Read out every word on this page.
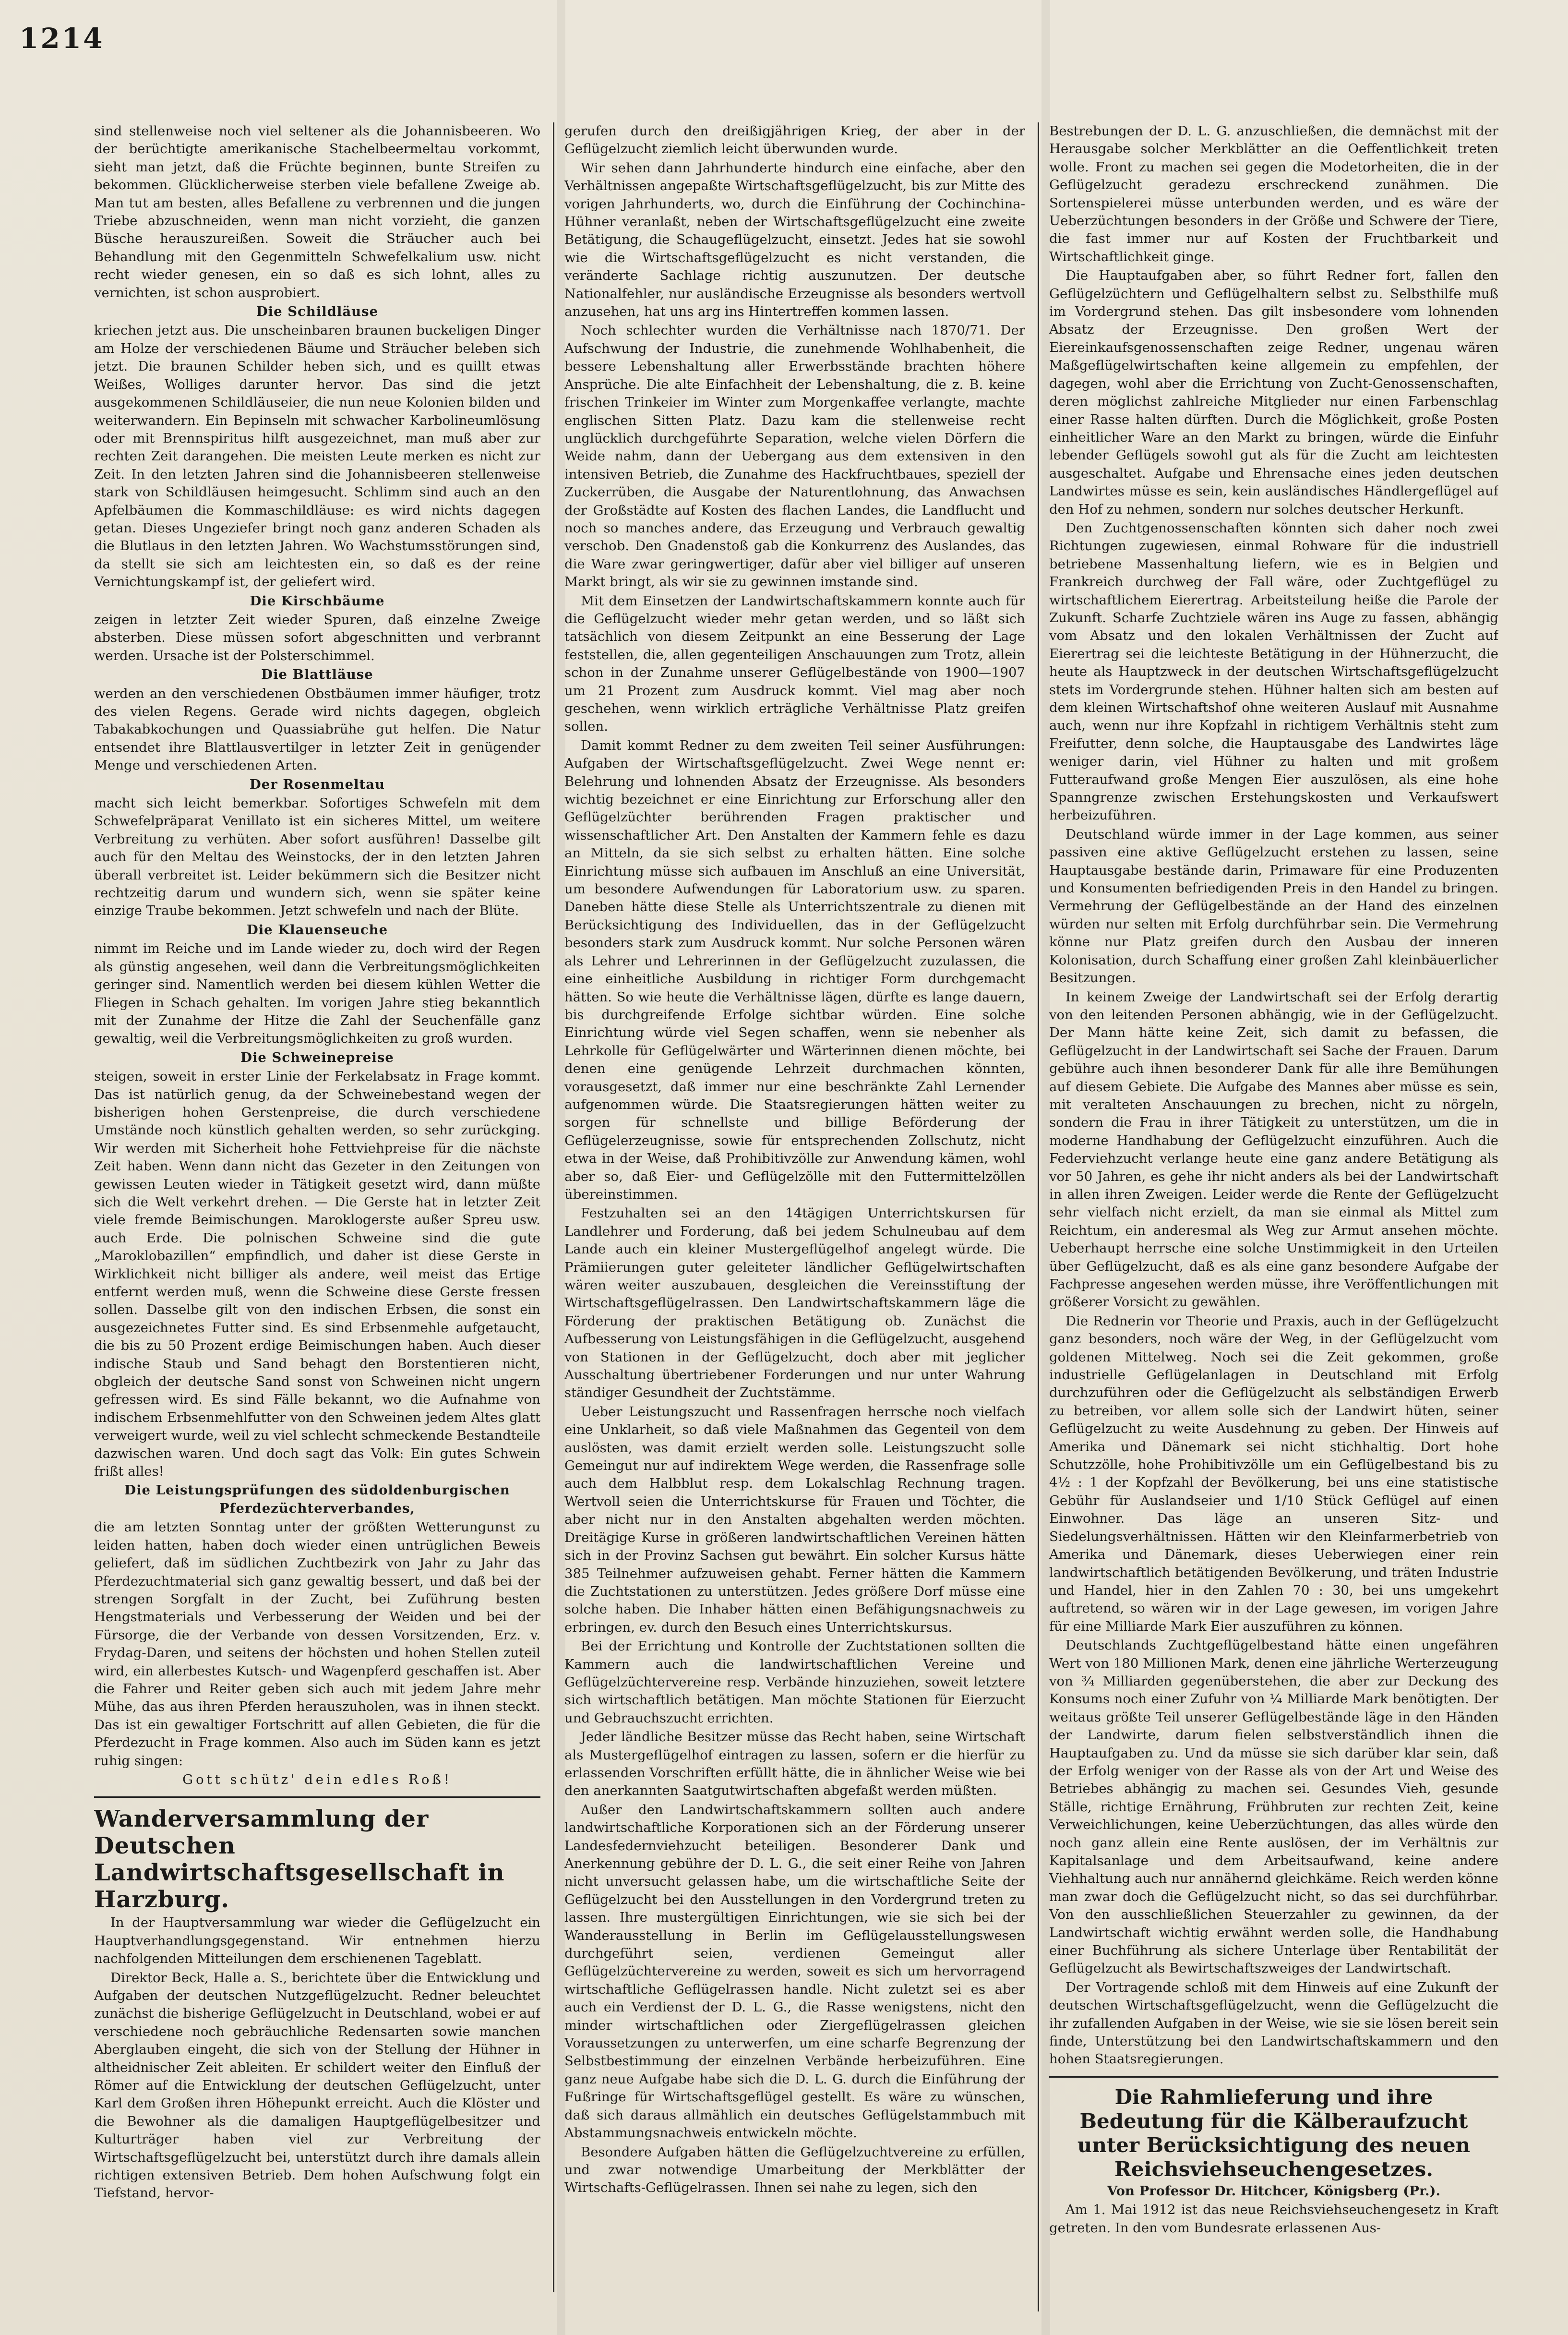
1214

sind stellenweise noch viel seltener als die Johannisbeeren. Wo der berüchtigte amerikanische Stachelbeermeltau vorkommt, sieht man jetzt, daß die Früchte beginnen, bunte Streifen zu bekommen. Glücklicherweise sterben viele befallene Zweige ab. Man tut am besten, alles Befallene zu verbrennen und die jungen Triebe abzuschneiden, wenn man nicht vorzieht, die ganzen Büsche herauszureißen. Soweit die Sträucher auch bei Behandlung mit den Gegenmitteln Schwefelkalium usw. nicht recht wieder genesen, ein so daß es sich lohnt, alles zu vernichten, ist schon ausprobiert.

Die Schildläuse

kriechen jetzt aus. Die unscheinbaren braunen buckeligen Dinger am Holze der verschiedenen Bäume und Sträucher beleben sich jetzt. Die braunen Schilder heben sich, und es quillt etwas Weißes, Wolliges darunter hervor. Das sind die jetzt ausgekommenen Schildläuseier, die nun neue Kolonien bilden und weiterwandern. Ein Bepinseln mit schwacher Karbolineumlösung oder mit Brennspiritus hilft ausgezeichnet, man muß aber zur rechten Zeit darangehen. Die meisten Leute merken es nicht zur Zeit. In den letzten Jahren sind die Johannisbeeren stellenweise stark von Schildläusen heimgesucht. Schlimm sind auch an den Apfelbäumen die Kommaschildläuse: es wird nichts dagegen getan. Dieses Ungeziefer bringt noch ganz anderen Schaden als die Blutlaus in den letzten Jahren. Wo Wachstumsstörungen sind, da stellt sie sich am leichtesten ein, so daß es der reine Vernichtungskampf ist, der geliefert wird.

Die Kirschbäume

zeigen in letzter Zeit wieder Spuren, daß einzelne Zweige absterben. Diese müssen sofort abgeschnitten und verbrannt werden. Ursache ist der Polsterschimmel.

Die Blattläuse

werden an den verschiedenen Obstbäumen immer häufiger, trotz des vielen Regens. Gerade wird nichts dagegen, obgleich Tabakabkochungen und Quassiabrühe gut helfen. Die Natur entsendet ihre Blattlausvertilger in letzter Zeit in genügender Menge und verschiedenen Arten.

Der Rosenmeltau

macht sich leicht bemerkbar. Sofortiges Schwefeln mit dem Schwefelpräparat Venillato ist ein sicheres Mittel, um weitere Verbreitung zu verhüten. Aber sofort ausführen! Dasselbe gilt auch für den Meltau des Weinstocks, der in den letzten Jahren überall verbreitet ist. Leider bekümmern sich die Besitzer nicht rechtzeitig darum und wundern sich, wenn sie später keine einzige Traube bekommen. Jetzt schwefeln und nach der Blüte.

Die Klauenseuche

nimmt im Reiche und im Lande wieder zu, doch wird der Regen als günstig angesehen, weil dann die Verbreitungsmöglichkeiten geringer sind. Namentlich werden bei diesem kühlen Wetter die Fliegen in Schach gehalten. Im vorigen Jahre stieg bekanntlich mit der Zunahme der Hitze die Zahl der Seuchenfälle ganz gewaltig, weil die Verbreitungsmöglichkeiten zu groß wurden.

Die Schweinepreise

steigen, soweit in erster Linie der Ferkelabsatz in Frage kommt. Das ist natürlich genug, da der Schweinebestand wegen der bisherigen hohen Gerstenpreise, die durch verschiedene Umstände noch künstlich gehalten werden, so sehr zurückging. Wir werden mit Sicherheit hohe Fettviehpreise für die nächste Zeit haben. Wenn dann nicht das Gezeter in den Zeitungen von gewissen Leuten wieder in Tätigkeit gesetzt wird, dann müßte sich die Welt verkehrt drehen. — Die Gerste hat in letzter Zeit viele fremde Beimischungen. Maroklogerste außer Spreu usw. auch Erde. Die polnischen Schweine sind die gute „Maroklobazillen“ empfindlich, und daher ist diese Gerste in Wirklichkeit nicht billiger als andere, weil meist das Ertige entfernt werden muß, wenn die Schweine diese Gerste fressen sollen. Dasselbe gilt von den indischen Erbsen, die sonst ein ausgezeichnetes Futter sind. Es sind Erbsenmehle aufgetaucht, die bis zu 50 Prozent erdige Beimischungen haben. Auch dieser indische Staub und Sand behagt den Borstentieren nicht, obgleich der deutsche Sand sonst von Schweinen nicht ungern gefressen wird. Es sind Fälle bekannt, wo die Aufnahme von indischem Erbsenmehlfutter von den Schweinen jedem Altes glatt verweigert wurde, weil zu viel schlecht schmeckende Bestandteile dazwischen waren. Und doch sagt das Volk: Ein gutes Schwein frißt alles!

Die Leistungsprüfungen des südoldenburgischen Pferdezüchterverbandes,

die am letzten Sonntag unter der größten Wetterungunst zu leiden hatten, haben doch wieder einen untrüglichen Beweis geliefert, daß im südlichen Zuchtbezirk von Jahr zu Jahr das Pferdezuchtmaterial sich ganz gewaltig bessert, und daß bei der strengen Sorgfalt in der Zucht, bei Zuführung besten Hengstmaterials und Verbesserung der Weiden und bei der Fürsorge, die der Verbande von dessen Vorsitzenden, Erz. v. Frydag-Daren, und seitens der höchsten und hohen Stellen zuteil wird, ein allerbestes Kutsch- und Wagenpferd geschaffen ist. Aber die Fahrer und Reiter geben sich auch mit jedem Jahre mehr Mühe, das aus ihren Pferden herauszuholen, was in ihnen steckt. Das ist ein gewaltiger Fortschritt auf allen Gebieten, die für die Pferdezucht in Frage kommen. Also auch im Süden kann es jetzt ruhig singen:

Gott schütz' dein edles Roß!

Wanderversammlung der Deutschen Landwirtschaftsgesellschaft in Harzburg.

In der Hauptversammlung war wieder die Geflügelzucht ein Hauptverhandlungsgegenstand. Wir entnehmen hierzu nachfolgenden Mitteilungen dem erschienenen Tageblatt.

Direktor Beck, Halle a. S., berichtete über die Entwicklung und Aufgaben der deutschen Nutzgeflügelzucht. Redner beleuchtet zunächst die bisherige Geflügelzucht in Deutschland, wobei er auf verschiedene noch gebräuchliche Redensarten sowie manchen Aberglauben eingeht, die sich von der Stellung der Hühner in altheidnischer Zeit ableiten. Er schildert weiter den Einfluß der Römer auf die Entwicklung der deutschen Geflügelzucht, unter Karl dem Großen ihren Höhepunkt erreicht. Auch die Klöster und die Bewohner als die damaligen Hauptgeflügelbesitzer und Kulturträger haben viel zur Verbreitung der Wirtschaftsgeflügelzucht bei, unterstützt durch ihre damals allein richtigen extensiven Betrieb. Dem hohen Aufschwung folgt ein Tiefstand, hervor-

gerufen durch den dreißigjährigen Krieg, der aber in der Geflügelzucht ziemlich leicht überwunden wurde.

Wir sehen dann Jahrhunderte hindurch eine einfache, aber den Verhältnissen angepaßte Wirtschaftsgeflügelzucht, bis zur Mitte des vorigen Jahrhunderts, wo, durch die Einführung der Cochinchina-Hühner veranlaßt, neben der Wirtschaftsgeflügelzucht eine zweite Betätigung, die Schaugeflügelzucht, einsetzt. Jedes hat sie sowohl wie die Wirtschaftsgeflügelzucht es nicht verstanden, die veränderte Sachlage richtig auszunutzen. Der deutsche Nationalfehler, nur ausländische Erzeugnisse als besonders wertvoll anzusehen, hat uns arg ins Hintertreffen kommen lassen.

Noch schlechter wurden die Verhältnisse nach 1870/71. Der Aufschwung der Industrie, die zunehmende Wohlhabenheit, die bessere Lebenshaltung aller Erwerbsstände brachten höhere Ansprüche. Die alte Einfachheit der Lebenshaltung, die z. B. keine frischen Trinkeier im Winter zum Morgenkaffee verlangte, machte englischen Sitten Platz. Dazu kam die stellenweise recht unglücklich durchgeführte Separation, welche vielen Dörfern die Weide nahm, dann der Uebergang aus dem extensiven in den intensiven Betrieb, die Zunahme des Hackfruchtbaues, speziell der Zuckerrüben, die Ausgabe der Naturentlohnung, das Anwachsen der Großstädte auf Kosten des flachen Landes, die Landflucht und noch so manches andere, das Erzeugung und Verbrauch gewaltig verschob. Den Gnadenstoß gab die Konkurrenz des Auslandes, das die Ware zwar geringwertiger, dafür aber viel billiger auf unseren Markt bringt, als wir sie zu gewinnen imstande sind.

Mit dem Einsetzen der Landwirtschaftskammern konnte auch für die Geflügelzucht wieder mehr getan werden, und so läßt sich tatsächlich von diesem Zeitpunkt an eine Besserung der Lage feststellen, die, allen gegenteiligen Anschauungen zum Trotz, allein schon in der Zunahme unserer Geflügelbestände von 1900—1907 um 21 Prozent zum Ausdruck kommt. Viel mag aber noch geschehen, wenn wirklich erträgliche Verhältnisse Platz greifen sollen.

Damit kommt Redner zu dem zweiten Teil seiner Ausführungen: Aufgaben der Wirtschaftsgeflügelzucht. Zwei Wege nennt er: Belehrung und lohnenden Absatz der Erzeugnisse. Als besonders wichtig bezeichnet er eine Einrichtung zur Erforschung aller den Geflügelzüchter berührenden Fragen praktischer und wissenschaftlicher Art. Den Anstalten der Kammern fehle es dazu an Mitteln, da sie sich selbst zu erhalten hätten. Eine solche Einrichtung müsse sich aufbauen im Anschluß an eine Universität, um besondere Aufwendungen für Laboratorium usw. zu sparen. Daneben hätte diese Stelle als Unterrichtszentrale zu dienen mit Berücksichtigung des Individuellen, das in der Geflügelzucht besonders stark zum Ausdruck kommt. Nur solche Personen wären als Lehrer und Lehrerinnen in der Geflügelzucht zuzulassen, die eine einheitliche Ausbildung in richtiger Form durchgemacht hätten. So wie heute die Verhältnisse lägen, dürfte es lange dauern, bis durchgreifende Erfolge sichtbar würden. Eine solche Einrichtung würde viel Segen schaffen, wenn sie nebenher als Lehrkolle für Geflügelwärter und Wärterinnen dienen möchte, bei denen eine genügende Lehrzeit durchmachen könnten, vorausgesetzt, daß immer nur eine beschränkte Zahl Lernender aufgenommen würde. Die Staatsregierungen hätten weiter zu sorgen für schnellste und billige Beförderung der Geflügelerzeugnisse, sowie für entsprechenden Zollschutz, nicht etwa in der Weise, daß Prohibitivzölle zur Anwendung kämen, wohl aber so, daß Eier- und Geflügelzölle mit den Futtermittelzöllen übereinstimmen.

Festzuhalten sei an den 14tägigen Unterrichtskursen für Landlehrer und Forderung, daß bei jedem Schulneubau auf dem Lande auch ein kleiner Mustergeflügelhof angelegt würde. Die Prämiierungen guter geleiteter ländlicher Geflügelwirtschaften wären weiter auszubauen, desgleichen die Vereinsstiftung der Wirtschaftsgeflügelrassen. Den Landwirtschaftskammern läge die Förderung der praktischen Betätigung ob. Zunächst die Aufbesserung von Leistungsfähigen in die Geflügelzucht, ausgehend von Stationen in der Geflügelzucht, doch aber mit jeglicher Ausschaltung übertriebener Forderungen und nur unter Wahrung ständiger Gesundheit der Zuchtstämme.

Ueber Leistungszucht und Rassenfragen herrsche noch vielfach eine Unklarheit, so daß viele Maßnahmen das Gegenteil von dem auslösten, was damit erzielt werden solle. Leistungszucht solle Gemeingut nur auf indirektem Wege werden, die Rassenfrage solle auch dem Halbblut resp. dem Lokalschlag Rechnung tragen. Wertvoll seien die Unterrichtskurse für Frauen und Töchter, die aber nicht nur in den Anstalten abgehalten werden möchten. Dreitägige Kurse in größeren landwirtschaftlichen Vereinen hätten sich in der Provinz Sachsen gut bewährt. Ein solcher Kursus hätte 385 Teilnehmer aufzuweisen gehabt. Ferner hätten die Kammern die Zuchtstationen zu unterstützen. Jedes größere Dorf müsse eine solche haben. Die Inhaber hätten einen Befähigungsnachweis zu erbringen, ev. durch den Besuch eines Unterrichtskursus.

Bei der Errichtung und Kontrolle der Zuchtstationen sollten die Kammern auch die landwirtschaftlichen Vereine und Geflügelzüchtervereine resp. Verbände hinzuziehen, soweit letztere sich wirtschaftlich betätigen. Man möchte Stationen für Eierzucht und Gebrauchszucht errichten.

Jeder ländliche Besitzer müsse das Recht haben, seine Wirtschaft als Mustergeflügelhof eintragen zu lassen, sofern er die hierfür zu erlassenden Vorschriften erfüllt hätte, die in ähnlicher Weise wie bei den anerkannten Saatgutwirtschaften abgefaßt werden müßten.

Außer den Landwirtschaftskammern sollten auch andere landwirtschaftliche Korporationen sich an der Förderung unserer Landesfedernviehzucht beteiligen. Besonderer Dank und Anerkennung gebühre der D. L. G., die seit einer Reihe von Jahren nicht unversucht gelassen habe, um die wirtschaftliche Seite der Geflügelzucht bei den Ausstellungen in den Vordergrund treten zu lassen. Ihre mustergültigen Einrichtungen, wie sie sich bei der Wanderausstellung in Berlin im Geflügelausstellungswesen durchgeführt seien, verdienen Gemeingut aller Geflügelzüchtervereine zu werden, soweit es sich um hervorragend wirtschaftliche Geflügelrassen handle. Nicht zuletzt sei es aber auch ein Verdienst der D. L. G., die Rasse wenigstens, nicht den minder wirtschaftlichen oder Ziergeflügelrassen gleichen Voraussetzungen zu unterwerfen, um eine scharfe Begrenzung der Selbstbestimmung der einzelnen Verbände herbeizuführen. Eine ganz neue Aufgabe habe sich die D. L. G. durch die Einführung der Fußringe für Wirtschaftsgeflügel gestellt. Es wäre zu wünschen, daß sich daraus allmählich ein deutsches Geflügelstammbuch mit Abstammungsnachweis entwickeln möchte.

Besondere Aufgaben hätten die Geflügelzuchtvereine zu erfüllen, und zwar notwendige Umarbeitung der Merkblätter der Wirtschafts-Geflügelrassen. Ihnen sei nahe zu legen, sich den

Bestrebungen der D. L. G. anzuschließen, die demnächst mit der Herausgabe solcher Merkblätter an die Oeffentlichkeit treten wolle. Front zu machen sei gegen die Modetorheiten, die in der Geflügelzucht geradezu erschreckend zunähmen. Die Sortenspielerei müsse unterbunden werden, und es wäre der Ueberzüchtungen besonders in der Größe und Schwere der Tiere, die fast immer nur auf Kosten der Fruchtbarkeit und Wirtschaftlichkeit ginge.

Die Hauptaufgaben aber, so führt Redner fort, fallen den Geflügelzüchtern und Geflügelhaltern selbst zu. Selbsthilfe muß im Vordergrund stehen. Das gilt insbesondere vom lohnenden Absatz der Erzeugnisse. Den großen Wert der Eiereinkaufsgenossenschaften zeige Redner, ungenau wären Maßgeflügelwirtschaften keine allgemein zu empfehlen, der dagegen, wohl aber die Errichtung von Zucht-Genossenschaften, deren möglichst zahlreiche Mitglieder nur einen Farbenschlag einer Rasse halten dürften. Durch die Möglichkeit, große Posten einheitlicher Ware an den Markt zu bringen, würde die Einfuhr lebender Geflügels sowohl gut als für die Zucht am leichtesten ausgeschaltet. Aufgabe und Ehrensache eines jeden deutschen Landwirtes müsse es sein, kein ausländisches Händlergeflügel auf den Hof zu nehmen, sondern nur solches deutscher Herkunft.

Den Zuchtgenossenschaften könnten sich daher noch zwei Richtungen zugewiesen, einmal Rohware für die industriell betriebene Massenhaltung liefern, wie es in Belgien und Frankreich durchweg der Fall wäre, oder Zuchtgeflügel zu wirtschaftlichem Eierertrag. Arbeitsteilung heiße die Parole der Zukunft. Scharfe Zuchtziele wären ins Auge zu fassen, abhängig vom Absatz und den lokalen Verhältnissen der Zucht auf Eierertrag sei die leichteste Betätigung in der Hühnerzucht, die heute als Hauptzweck in der deutschen Wirtschaftsgeflügelzucht stets im Vordergrunde stehen. Hühner halten sich am besten auf dem kleinen Wirtschaftshof ohne weiteren Auslauf mit Ausnahme auch, wenn nur ihre Kopfzahl in richtigem Verhältnis steht zum Freifutter, denn solche, die Hauptausgabe des Landwirtes läge weniger darin, viel Hühner zu halten und mit großem Futteraufwand große Mengen Eier auszulösen, als eine hohe Spanngrenze zwischen Erstehungskosten und Verkaufswert herbeizuführen.

Deutschland würde immer in der Lage kommen, aus seiner passiven eine aktive Geflügelzucht erstehen zu lassen, seine Hauptausgabe bestände darin, Primaware für eine Produzenten und Konsumenten befriedigenden Preis in den Handel zu bringen. Vermehrung der Geflügelbestände an der Hand des einzelnen würden nur selten mit Erfolg durchführbar sein. Die Vermehrung könne nur Platz greifen durch den Ausbau der inneren Kolonisation, durch Schaffung einer großen Zahl kleinbäuerlicher Besitzungen.

In keinem Zweige der Landwirtschaft sei der Erfolg derartig von den leitenden Personen abhängig, wie in der Geflügelzucht. Der Mann hätte keine Zeit, sich damit zu befassen, die Geflügelzucht in der Landwirtschaft sei Sache der Frauen. Darum gebühre auch ihnen besonderer Dank für alle ihre Bemühungen auf diesem Gebiete. Die Aufgabe des Mannes aber müsse es sein, mit veralteten Anschauungen zu brechen, nicht zu nörgeln, sondern die Frau in ihrer Tätigkeit zu unterstützen, um die in moderne Handhabung der Geflügelzucht einzuführen. Auch die Federviehzucht verlange heute eine ganz andere Betätigung als vor 50 Jahren, es gehe ihr nicht anders als bei der Landwirtschaft in allen ihren Zweigen. Leider werde die Rente der Geflügelzucht sehr vielfach nicht erzielt, da man sie einmal als Mittel zum Reichtum, ein anderesmal als Weg zur Armut ansehen möchte. Ueberhaupt herrsche eine solche Unstimmigkeit in den Urteilen über Geflügelzucht, daß es als eine ganz besondere Aufgabe der Fachpresse angesehen werden müsse, ihre Veröffentlichungen mit größerer Vorsicht zu gewählen.

Die Rednerin vor Theorie und Praxis, auch in der Geflügelzucht ganz besonders, noch wäre der Weg, in der Geflügelzucht vom goldenen Mittelweg. Noch sei die Zeit gekommen, große industrielle Geflügelanlagen in Deutschland mit Erfolg durchzuführen oder die Geflügelzucht als selbständigen Erwerb zu betreiben, vor allem solle sich der Landwirt hüten, seiner Geflügelzucht zu weite Ausdehnung zu geben. Der Hinweis auf Amerika und Dänemark sei nicht stichhaltig. Dort hohe Schutzzölle, hohe Prohibitivzölle um ein Geflügelbestand bis zu 4½ : 1 der Kopfzahl der Bevölkerung, bei uns eine statistische Gebühr für Auslandseier und 1/10 Stück Geflügel auf einen Einwohner. Das läge an unseren Sitz- und Siedelungsverhältnissen. Hätten wir den Kleinfarmerbetrieb von Amerika und Dänemark, dieses Ueberwiegen einer rein landwirtschaftlich betätigenden Bevölkerung, und träten Industrie und Handel, hier in den Zahlen 70 : 30, bei uns umgekehrt auftretend, so wären wir in der Lage gewesen, im vorigen Jahre für eine Milliarde Mark Eier auszuführen zu können.

Deutschlands Zuchtgeflügelbestand hätte einen ungefähren Wert von 180 Millionen Mark, denen eine jährliche Werterzeugung von ¾ Milliarden gegenüberstehen, die aber zur Deckung des Konsums noch einer Zufuhr von ¼ Milliarde Mark benötigten. Der weitaus größte Teil unserer Geflügelbestände läge in den Händen der Landwirte, darum fielen selbstverständlich ihnen die Hauptaufgaben zu. Und da müsse sie sich darüber klar sein, daß der Erfolg weniger von der Rasse als von der Art und Weise des Betriebes abhängig zu machen sei. Gesundes Vieh, gesunde Ställe, richtige Ernährung, Frühbruten zur rechten Zeit, keine Verweichlichungen, keine Ueberzüchtungen, das alles würde den noch ganz allein eine Rente auslösen, der im Verhältnis zur Kapitalsanlage und dem Arbeitsaufwand, keine andere Viehhaltung auch nur annähernd gleichkäme. Reich werden könne man zwar doch die Geflügelzucht nicht, so das sei durchführbar. Von den ausschließlichen Steuerzahler zu gewinnen, da der Landwirtschaft wichtig erwähnt werden solle, die Handhabung einer Buchführung als sichere Unterlage über Rentabilität der Geflügelzucht als Bewirtschaftszweiges der Landwirtschaft.

Der Vortragende schloß mit dem Hinweis auf eine Zukunft der deutschen Wirtschaftsgeflügelzucht, wenn die Geflügelzucht die ihr zufallenden Aufgaben in der Weise, wie sie sie lösen bereit sein finde, Unterstützung bei den Landwirtschaftskammern und den hohen Staatsregierungen.

Die Rahmlieferung und ihre Bedeutung für die Kälberaufzucht unter Berücksichtigung des neuen Reichsviehseuchengesetzes.

Von Professor Dr. Hitchcer, Königsberg (Pr.).

Am 1. Mai 1912 ist das neue Reichsviehseuchengesetz in Kraft getreten. In den vom Bundesrate erlassenen Aus-
